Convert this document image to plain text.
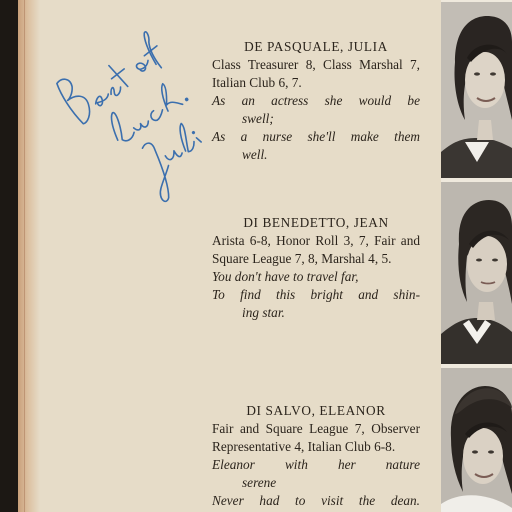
DE PASQUALE, JULIA
Class Treasurer 8, Class Marshal 7, Italian Club 6, 7.
As an actress she would be
swell;
As a nurse she'll make them
well.
DI BENEDETTO, JEAN
Arista 6-8, Honor Roll 3, 7, Fair and Square League 7, 8, Marshal 4, 5.
You don't have to travel far,
To find this bright and shin-
ing star.
DI SALVO, ELEANOR
Fair and Square League 7, Observer Representative 4, Italian Club 6-8.
Eleanor with her nature
serene
Never had to visit the dean.
